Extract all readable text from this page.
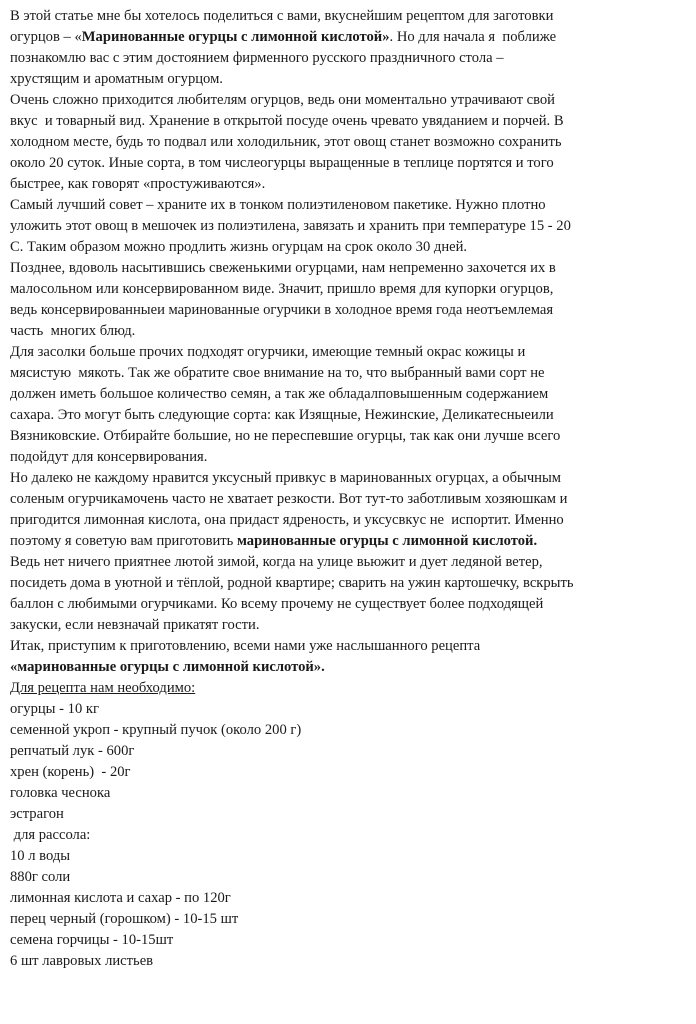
В этой статье мне бы хотелось поделиться с вами, вкуснейшим рецептом для заготовки
огурцов – «Маринованные огурцы с лимонной кислотой». Но для начала я  поближе
познакомлю вас с этим достоянием фирменного русского праздничного стола –
хрустящим и ароматным огурцом.
Очень сложно приходится любителям огурцов, ведь они моментально утрачивают свой
вкус  и товарный вид. Хранение в открытой посуде очень чревато увяданием и порчей. В
холодном месте, будь то подвал или холодильник, этот овощ станет возможно сохранить
около 20 суток. Иные сорта, в том числеогурцы выращенные в теплице портятся и того
быстрее, как говорят «простуживаются».
Самый лучший совет – храните их в тонком полиэтиленовом пакетике. Нужно плотно
уложить этот овощ в мешочек из полиэтилена, завязать и хранить при температуре 15 - 20
С. Таким образом можно продлить жизнь огурцам на срок около 30 дней.
Позднее, вдоволь насытившись свеженькими огурцами, нам непременно захочется их в
малосольном или консервированном виде. Значит, пришло время для купорки огурцов,
ведь консервированныеи маринованные огурчики в холодное время года неотъемлемая
часть  многих блюд.
Для засолки больше прочих подходят огурчики, имеющие темный окрас кожицы и
мясистую  мякоть. Так же обратите свое внимание на то, что выбранный вами сорт не
должен иметь большое количество семян, а так же обладалповышенным содержанием
сахара. Это могут быть следующие сорта: как Изящные, Нежинские, Деликатесныеили
Вязниковские. Отбирайте большие, но не переспевшие огурцы, так как они лучше всего
подойдут для консервирования.
Но далеко не каждому нравится уксусный привкус в маринованных огурцах, а обычным
соленым огурчикамочень часто не хватает резкости. Вот тут-то заботливым хозяюшкам и
пригодится лимонная кислота, она придаст ядреность, и уксусвкус не  испортит. Именно
поэтому я советую вам приготовить маринованные огурцы с лимонной кислотой.
Ведь нет ничего приятнее лютой зимой, когда на улице вьюжит и дует ледяной ветер,
посидеть дома в уютной и тёплой, родной квартире; сварить на ужин картошечку, вскрыть
баллон с любимыми огурчиками. Ко всему прочему не существует более подходящей
закуски, если невзначай прикатят гости.
Итак, приступим к приготовлению, всеми нами уже наслышанного рецепта
«маринованные огурцы с лимонной кислотой».
Для рецепта нам необходимо:
огурцы - 10 кг
семенной укроп - крупный пучок (около 200 г)
репчатый лук - 600г
хрен (корень)  - 20г
головка чеснока
эстрагон
для рассола:
10 л воды
880г соли
лимонная кислота и сахар - по 120г
перец черный (горошком) - 10-15 шт
семена горчицы - 10-15шт
6 шт лавровых листьев
